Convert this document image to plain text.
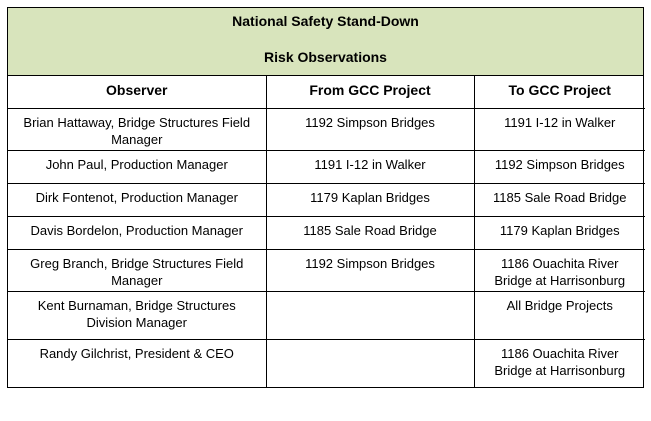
National Safety Stand-Down
Risk Observations
Observer	From GCC Project	To GCC Project
Brian Hattaway, Bridge Structures Field Manager	1192 Simpson Bridges	1191 I-12 in Walker
John Paul, Production Manager	1191 I-12 in Walker	1192 Simpson Bridges
Dirk Fontenot, Production Manager	1179 Kaplan Bridges	1185 Sale Road Bridge
Davis Bordelon, Production Manager	1185 Sale Road Bridge	1179 Kaplan Bridges
Greg Branch, Bridge Structures Field Manager	1192 Simpson Bridges	1186 Ouachita River Bridge at Harrisonburg
Kent Burnaman, Bridge Structures Division Manager		All Bridge Projects
Randy Gilchrist, President & CEO		1186 Ouachita River Bridge at Harrisonburg
